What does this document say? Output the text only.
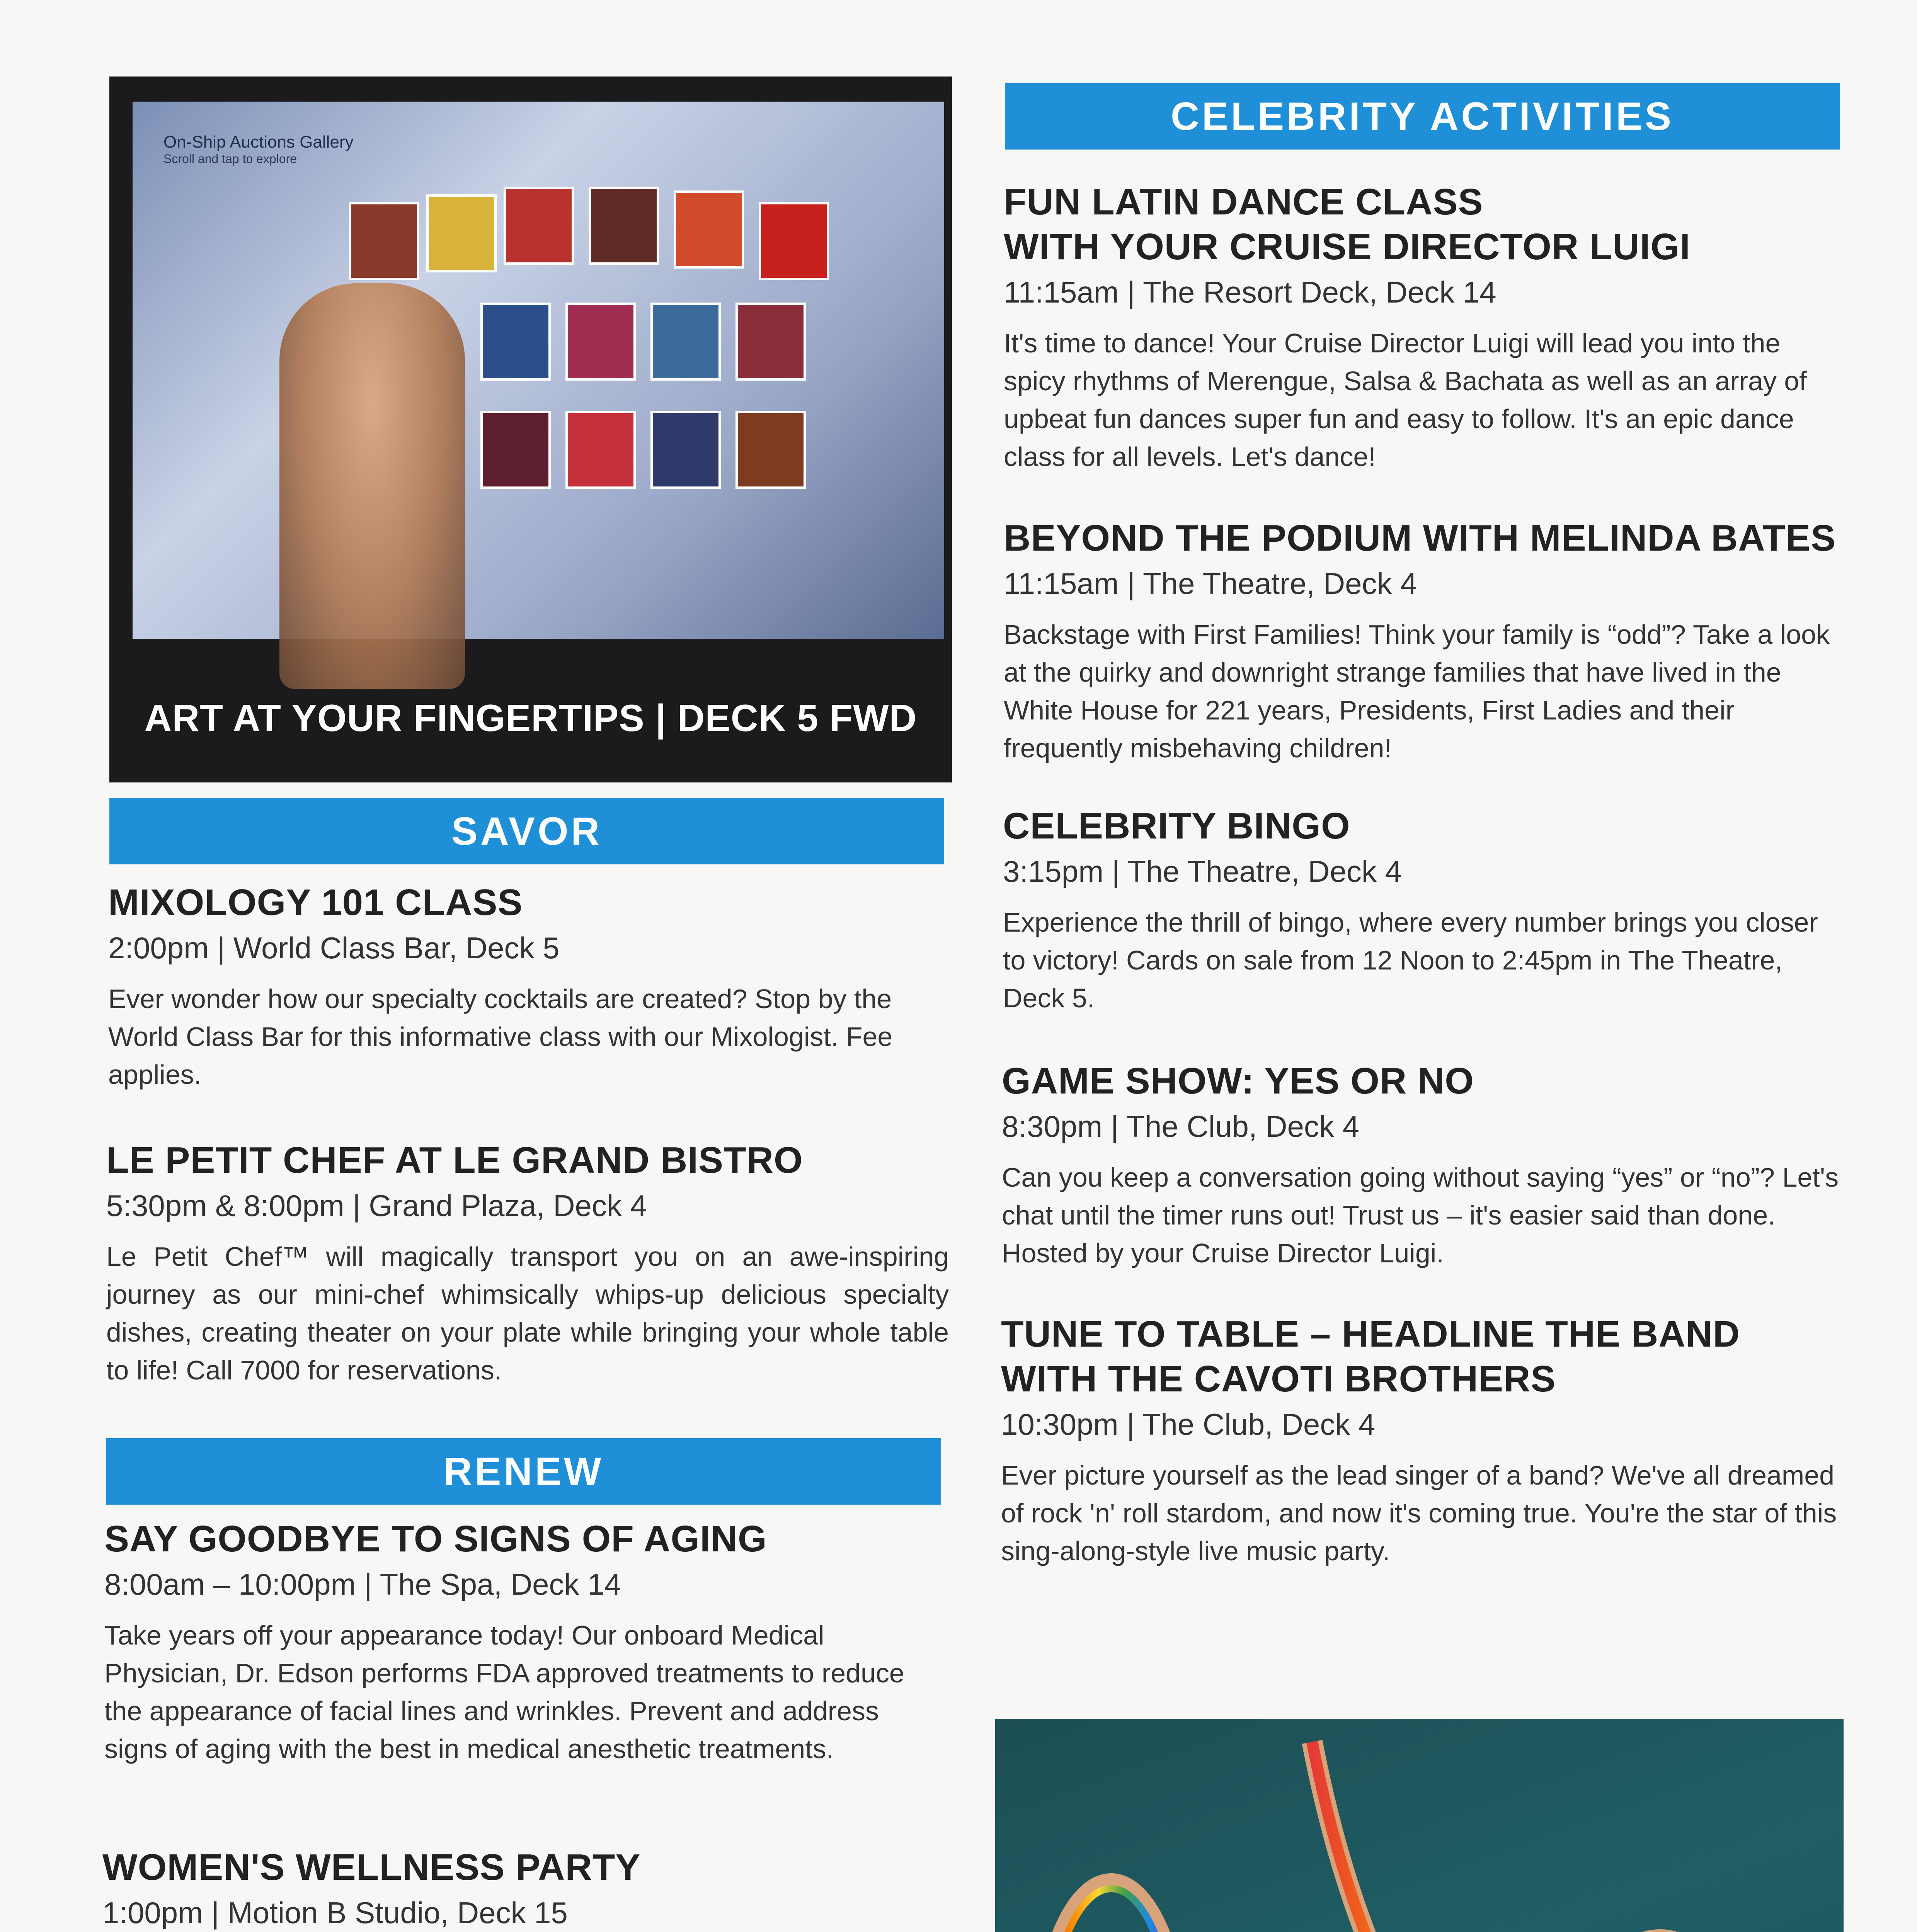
On-Ship Auctions Gallery
Scroll and tap to explore
ART AT YOUR FINGERTIPS | DECK 5 FWD
SAVOR
MIXOLOGY 101 CLASS
2:00pm | World Class Bar, Deck 5

Ever wonder how our specialty cocktails are created? Stop by the World Class Bar for this informative class with our Mixologist. Fee applies.

LE PETIT CHEF AT LE GRAND BISTRO
5:30pm & 8:00pm | Grand Plaza, Deck 4

Le Petit Chef™ will magically transport you on an awe-inspiring journey as our mini-chef whimsically whips-up delicious specialty dishes, creating theater on your plate while bringing your whole table to life! Call 7000 for reservations.

RENEW
SAY GOODBYE TO SIGNS OF AGING
8:00am – 10:00pm | The Spa, Deck 14

Take years off your appearance today! Our onboard Medical Physician, Dr. Edson performs FDA approved treatments to reduce the appearance of facial lines and wrinkles. Prevent and address signs of aging with the best in medical anesthetic treatments.

WOMEN'S WELLNESS PARTY
1:00pm | Motion B Studio, Deck 15

CELEBRITY ACTIVITIES
FUN LATIN DANCE CLASS
WITH YOUR CRUISE DIRECTOR LUIGI
11:15am | The Resort Deck, Deck 14

It's time to dance! Your Cruise Director Luigi will lead you into the spicy rhythms of Merengue, Salsa & Bachata as well as an array of upbeat fun dances super fun and easy to follow. It's an epic dance class for all levels. Let's dance!

BEYOND THE PODIUM WITH MELINDA BATES
11:15am | The Theatre, Deck 4

Backstage with First Families! Think your family is “odd”? Take a look at the quirky and downright strange families that have lived in the White House for 221 years, Presidents, First Ladies and their frequently misbehaving children!

CELEBRITY BINGO
3:15pm | The Theatre, Deck 4

Experience the thrill of bingo, where every number brings you closer to victory! Cards on sale from 12 Noon to 2:45pm in The Theatre, Deck 5.

GAME SHOW: YES OR NO
8:30pm | The Club, Deck 4

Can you keep a conversation going without saying “yes” or “no”? Let's chat until the timer runs out! Trust us – it's easier said than done. Hosted by your Cruise Director Luigi.

TUNE TO TABLE – HEADLINE THE BAND
WITH THE CAVOTI BROTHERS
10:30pm | The Club, Deck 4

Ever picture yourself as the lead singer of a band? We've all dreamed of rock 'n' roll stardom, and now it's coming true. You're the star of this sing-along-style live music party.
